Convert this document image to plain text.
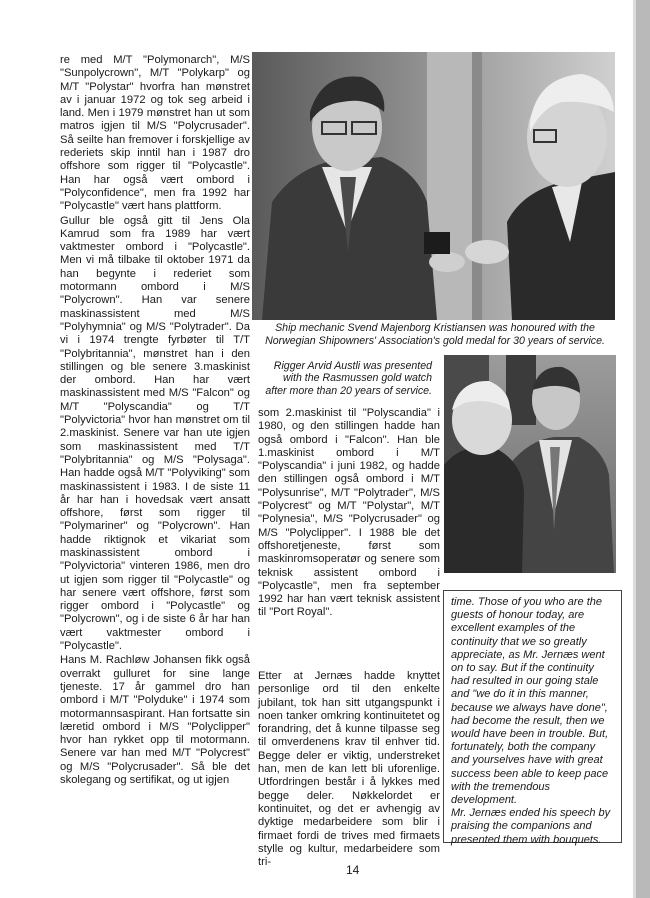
re med M/T "Polymonarch", M/S "Sunpolycrown", M/T "Polykarp" og M/T "Polystar" hvorfra han mønstret av i januar 1972 og tok seg arbeid i land. Men i 1979 mønstret han ut som matros igjen til M/S "Polycrusader". Så seilte han fremover i forskjellige av rederiets skip inntil han i 1987 dro offshore som rigger til "Polycastle". Han har også vært ombord i "Polyconfidence", men fra 1992 har "Polycastle" vært hans plattform.

Gullur ble også gitt til Jens Ola Kamrud som fra 1989 har vært vaktmester ombord i "Polycastle". Men vi må tilbake til oktober 1971 da han begynte i rederiet som motormann ombord i M/S "Polycrown". Han var senere maskinassistent med M/S "Polyhymnia" og M/S "Polytrader". Da vi i 1974 trengte fyrbøter til T/T "Polybritannia", mønstret han i den stillingen og ble senere 3.maskinist der ombord. Han har vært maskinassistent med M/S "Falcon" og M/T "Polyscandia" og T/T "Polyvictoria" hvor han mønstret om til 2.maskinist. Senere var han ute igjen som maskinassistent med T/T "Polybritannia" og M/S "Polysaga". Han hadde også M/T "Polyviking" som maskinassistent i 1983. I de siste 11 år har han i hovedsak vært ansatt offshore, først som rigger til "Polymariner" og "Polycrown". Han hadde riktignok et vikariat som maskinassistent ombord i "Polyvictoria" vinteren 1986, men dro ut igjen som rigger til "Polycastle" og har senere vært offshore, først som rigger ombord i "Polycastle" og "Polycrown", og i de siste 6 år har han vært vaktmester ombord i "Polycastle".

Hans M. Rachløw Johansen fikk også overrakt gulluret for sine lange tjeneste. 17 år gammel dro han ombord i M/T "Polyduke" i 1974 som motormannsaspirant. Han fortsatte sin læretid ombord i M/S "Polyclipper" hvor han rykket opp til motormann. Senere var han med M/T "Polycrest" og M/S "Polycrusader". Så ble det skolegang og sertifikat, og ut igjen

Ship mechanic Svend Majenborg Kristiansen was honoured with the Norwegian Shipowners' Association's gold medal for 30 years of service.
Rigger Arvid Austli was presented with the Rasmussen gold watch after more than 20 years of service.

som 2.maskinist til "Polyscandia" i 1980, og den stillingen hadde han også ombord i "Falcon". Han ble 1.maskinist ombord i M/T "Polyscandia" i juni 1982, og hadde den stillingen også ombord i M/T "Polysunrise", M/T "Polytrader", M/S "Polycrest" og M/T "Polystar", M/T "Polynesia", M/S "Polycrusader" og M/S "Polyclipper". I 1988 ble det offshoretjeneste, først som maskinromsoperatør og senere som teknisk assistent ombord i "Polycastle", men fra september 1992 har han vært teknisk assistent til "Port Royal".

Etter at Jernæs hadde knyttet personlige ord til den enkelte jubilant, tok han sitt utgangspunkt i noen tanker omkring kontinuitetet og forandring, det å kunne tilpasse seg til omverdenens krav til enhver tid. Begge deler er viktig, understreket han, men de kan lett bli uforenlige. Utfordringen består i å lykkes med begge deler. Nøkkelordet er kontinuitet, og det er avhengig av dyktige medarbeidere som blir i firmaet fordi de trives med firmaets stylle og kultur, medarbeidere som tri-

time. Those of you who are the guests of honour today, are excellent examples of the continuity that we so greatly appreciate, as Mr. Jernæs went on to say. But if the continuity had resulted in our going stale and "we do it in this manner, because we always have done", had become the result, then we would have been in trouble. But, fortunately, both the company and yourselves have with great success been able to keep pace with the tremendous development.

Mr. Jernæs ended his speech by praising the companions and presented them with bouquets.

14
